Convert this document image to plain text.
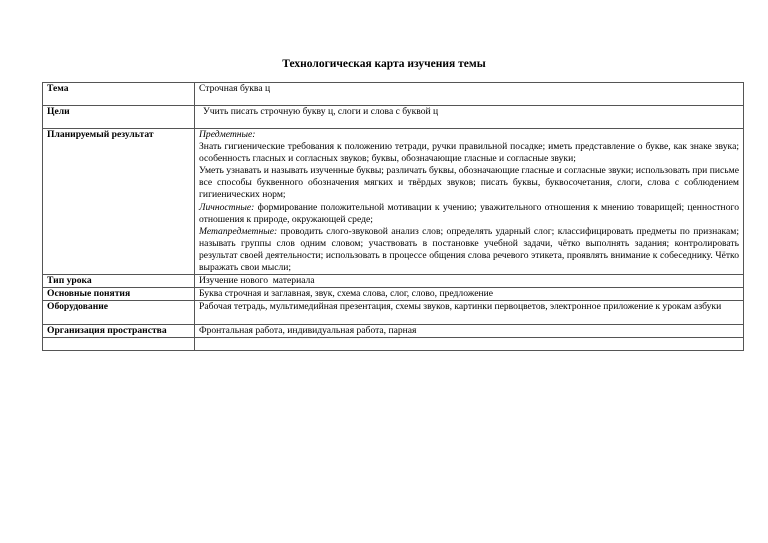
Технологическая карта изучения темы
Тема	Строчная буква ц
Цели	Учить писать строчную букву ц, слоги и слова с буквой ц
Планируемый результат	Предметные:
Знать гигиенические требования к положению тетради, ручки правильной посадке; иметь представление о букве, как знаке звука; особенность гласных и согласных звуков; буквы, обозначающие гласные и согласные звуки;
Уметь узнавать и называть изученные буквы; различать буквы, обозначающие гласные и согласные звуки; использовать при письме все способы буквенного обозначения мягких и твёрдых звуков; писать буквы, буквосочетания, слоги, слова с соблюдением гигиенических норм;
Личностные: формирование положительной мотивации к учению; уважительного отношения к мнению товарищей; ценностного отношения к природе, окружающей среде;
Метапредметные: проводить слого-звуковой анализ слов; определять ударный слог; классифицировать предметы по признакам; называть группы слов одним словом; участвовать в постановке учебной задачи, чётко выполнять задания; контролировать результат своей деятельности; использовать в процессе общения слова речевого этикета, проявлять внимание к собеседнику. Чётко выражать свои мысли;

Тип урока	Изучение нового  материала
Основные понятия	Буква строчная и заглавная, звук, схема слова, слог, слово, предложение
Оборудование	Рабочая тетрадь, мультимедийная презентация, схемы звуков, картинки первоцветов, электронное приложение к урокам азбуки
Организация пространства	Фронтальная работа, индивидуальная работа, парная
